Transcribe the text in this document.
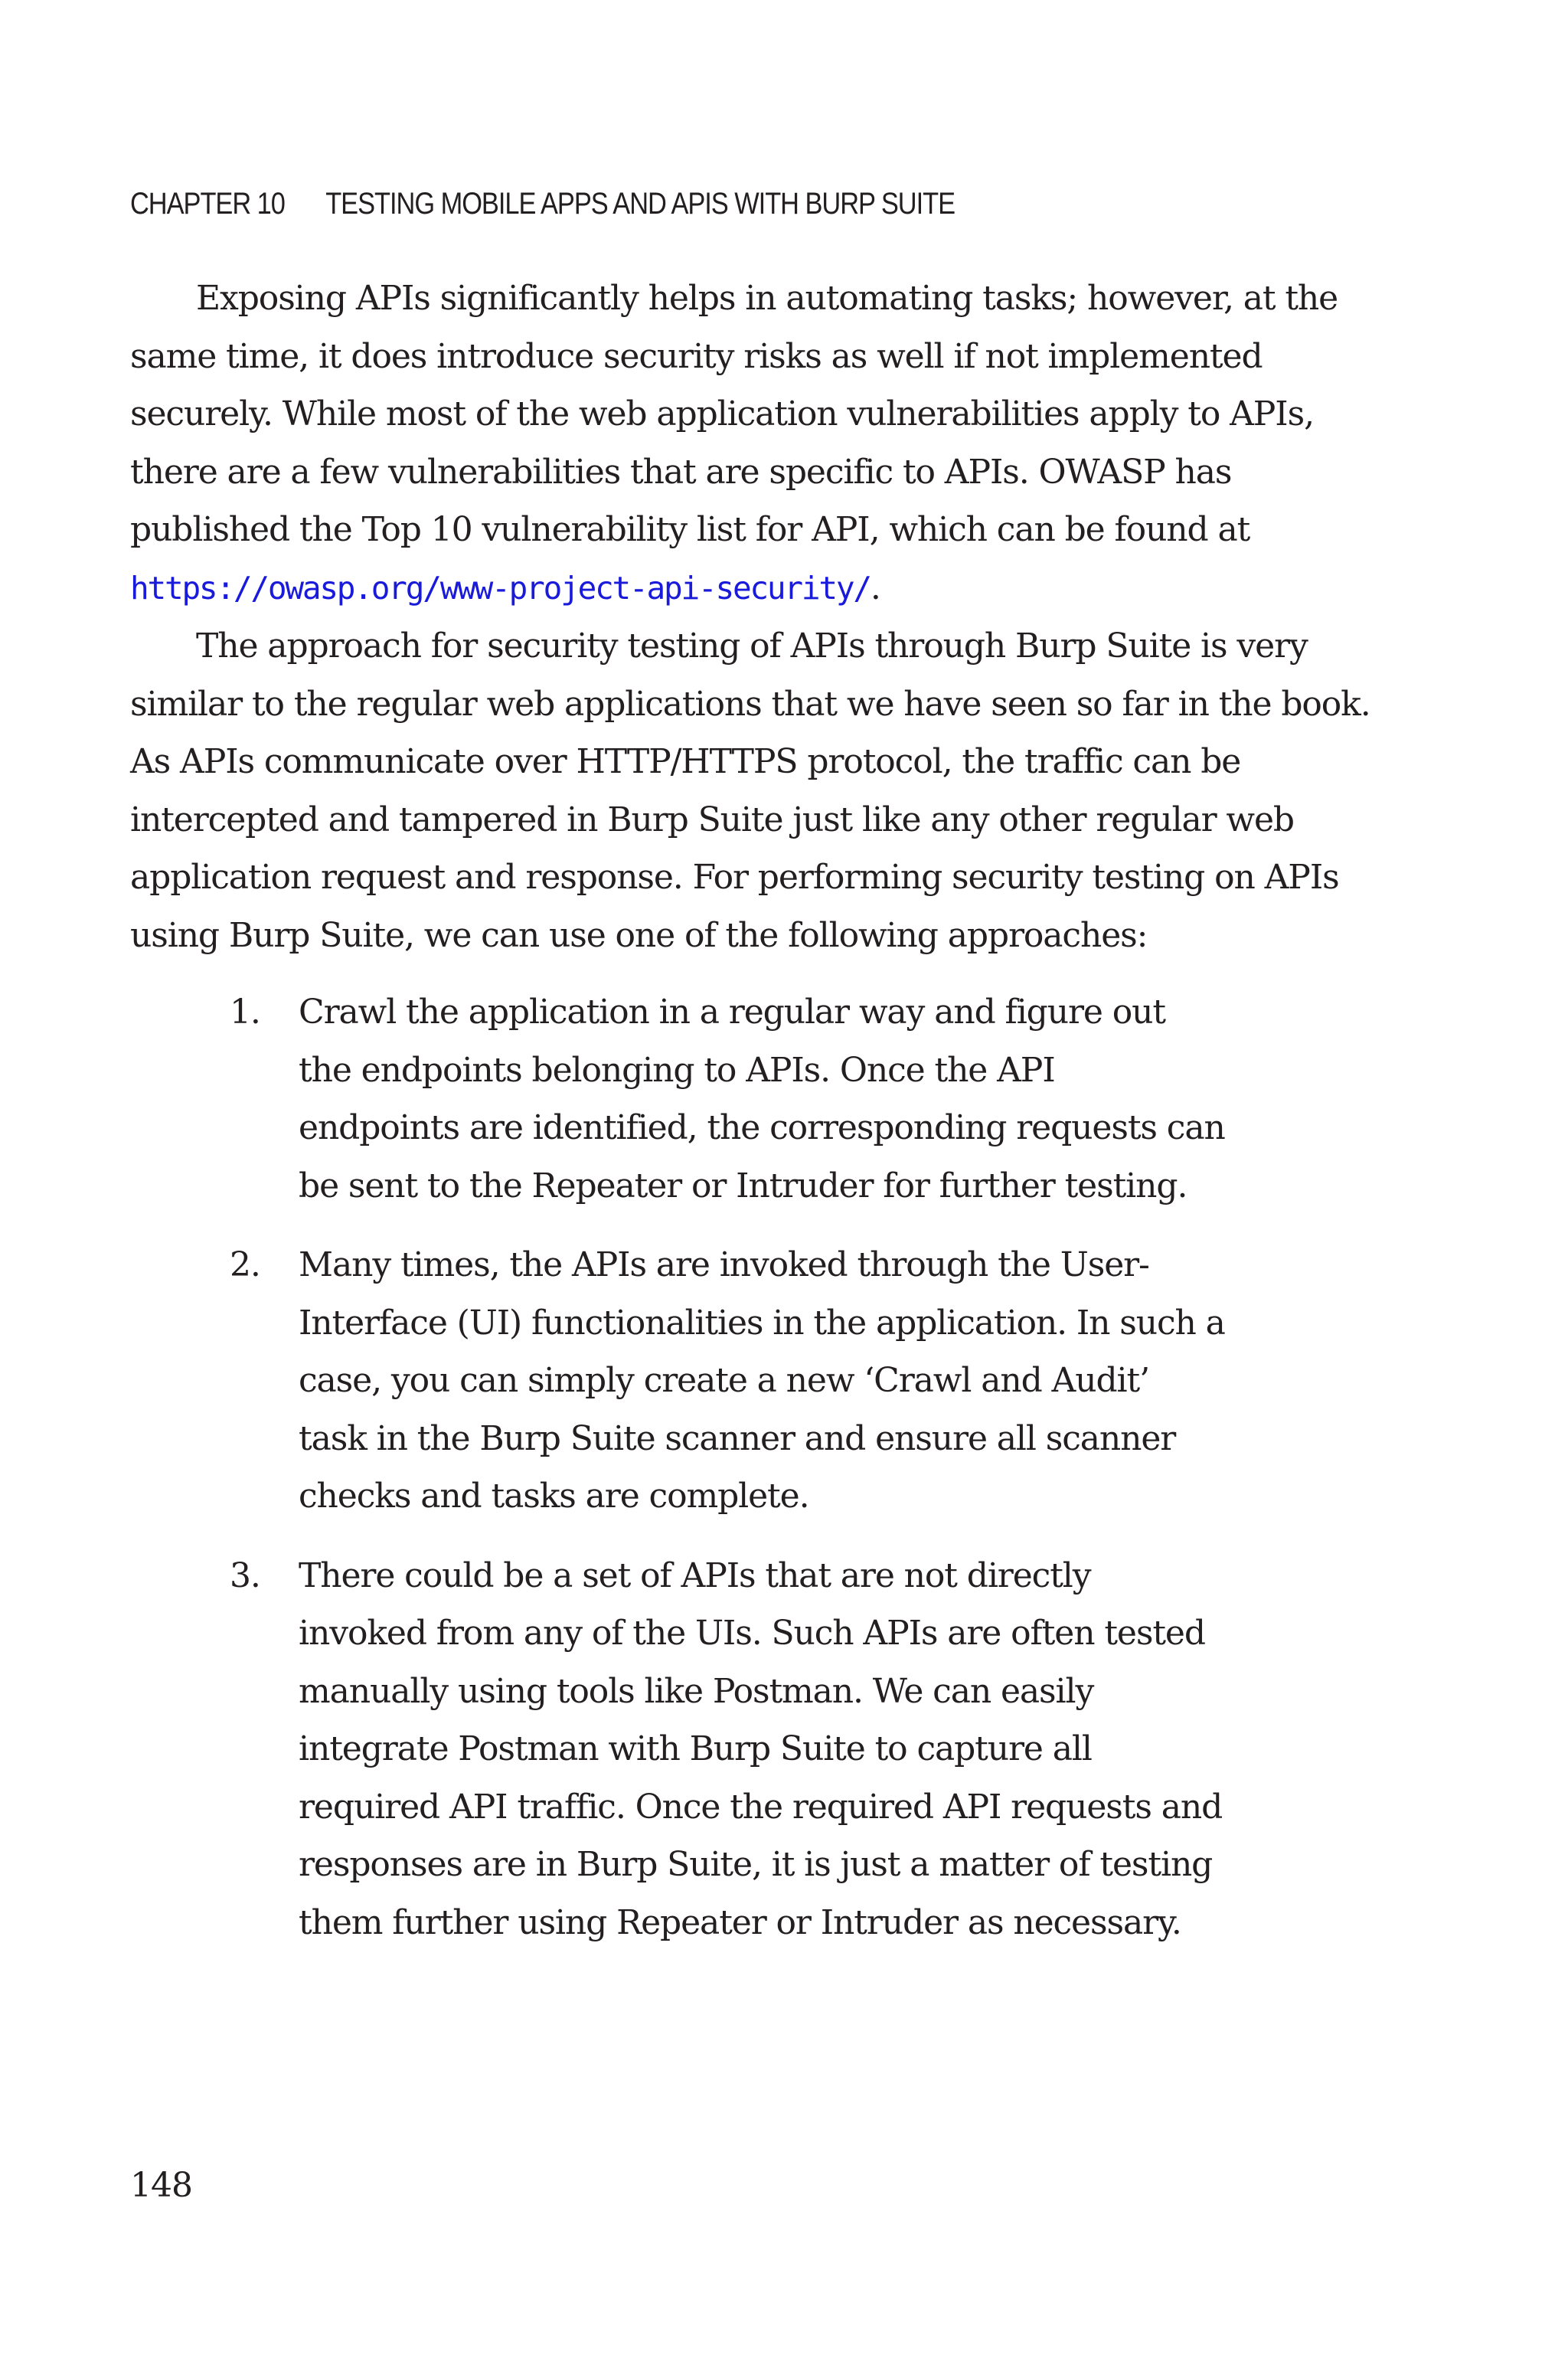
CHAPTER 10 TESTING MOBILE APPS AND APIS WITH BURP SUITE

Exposing APIs significantly helps in automating tasks; however, at the same time, it does introduce security risks as well if not implemented securely. While most of the web application vulnerabilities apply to APIs, there are a few vulnerabilities that are specific to APIs. OWASP has published the Top 10 vulnerability list for API, which can be found at https://owasp.org/www-project-api-security/.

The approach for security testing of APIs through Burp Suite is very similar to the regular web applications that we have seen so far in the book. As APIs communicate over HTTP/HTTPS protocol, the traffic can be intercepted and tampered in Burp Suite just like any other regular web application request and response. For performing security testing on APIs using Burp Suite, we can use one of the following approaches:

1. Crawl the application in a regular way and figure out the endpoints belonging to APIs. Once the API endpoints are identified, the corresponding requests can be sent to the Repeater or Intruder for further testing.
2. Many times, the APIs are invoked through the User-Interface (UI) functionalities in the application. In such a case, you can simply create a new ‘Crawl and Audit’ task in the Burp Suite scanner and ensure all scanner checks and tasks are complete.
3. There could be a set of APIs that are not directly invoked from any of the UIs. Such APIs are often tested manually using tools like Postman. We can easily integrate Postman with Burp Suite to capture all required API traffic. Once the required API requests and responses are in Burp Suite, it is just a matter of testing them further using Repeater or Intruder as necessary.
148
